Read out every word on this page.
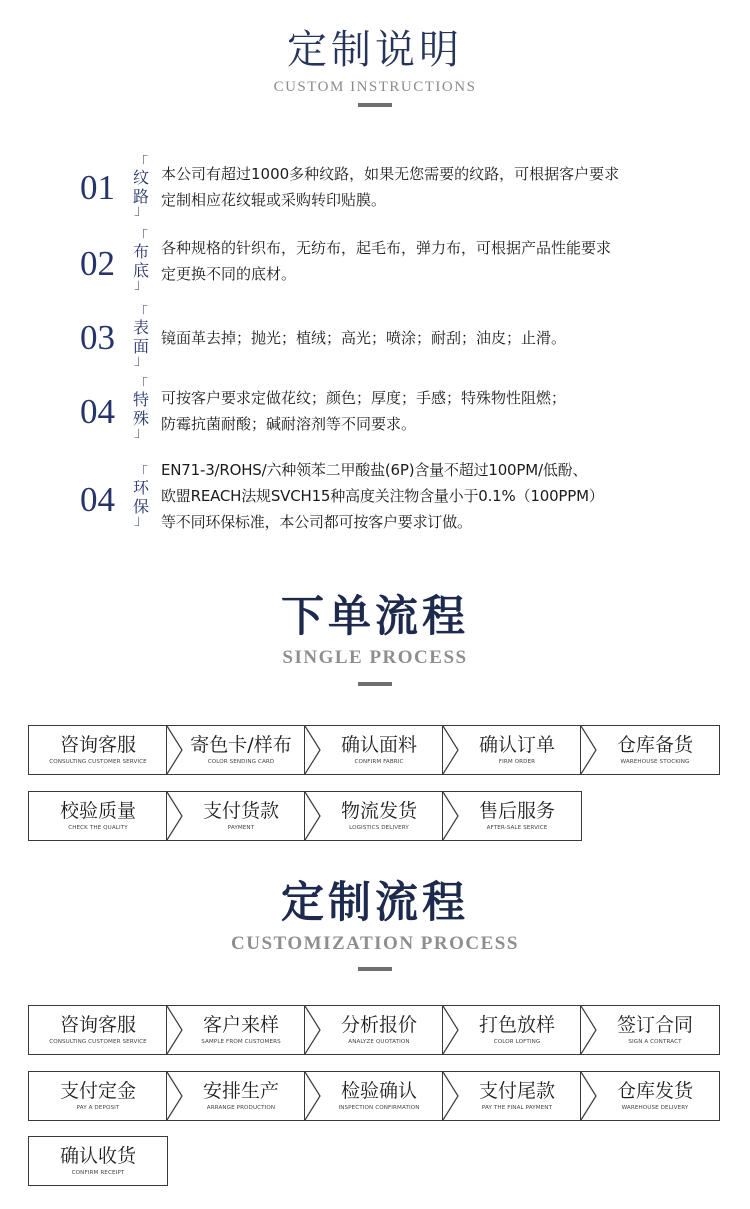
定制说明
CUSTOM INSTRUCTIONS
01
「
纹
路
」
本公司有超过1000多种纹路，如果无您需要的纹路，可根据客户要求
定制相应花纹辊或采购转印贴膜。
02
「
布
底
」
各种规格的针织布，无纺布，起毛布，弹力布，可根据产品性能要求
定更换不同的底材。
03
「
表
面
」
镜面革去掉；抛光；植绒；高光；喷涂；耐刮；油皮；止滑。
04
「
特
殊
」
可按客户要求定做花纹；颜色；厚度；手感；特殊物性阻燃；
防霉抗菌耐酸；碱耐溶剂等不同要求。
04
「
环
保
」
EN71-3/ROHS/六种领苯二甲酸盐(6P)含量不超过100PM/低酚、
欧盟REACH法规SVCH15种高度关注物含量小于0.1%（100PPM）
等不同环保标准，本公司都可按客户要求订做。
下单流程
SINGLE PROCESS
咨询客服
CONSULTING CUSTOMER SERVICE
寄色卡/样布
COLOR SENDING CARD
确认面料
CONFIRM FABRIC
确认订单
FIRM ORDER
仓库备货
WAREHOUSE STOCKING
校验质量
CHECK THE QUALITY
支付货款
PAYMENT
物流发货
LOGISTICS DELIVERY
售后服务
AFTER-SALE SERVICE
定制流程
CUSTOMIZATION PROCESS
咨询客服
CONSULTING CUSTOMER SERVICE
客户来样
SAMPLE FROM CUSTOMERS
分析报价
ANALYZE QUOTATION
打色放样
COLOR LOFTING
签订合同
SIGN A CONTRACT
支付定金
PAY A DEPOSIT
安排生产
ARRANGE PRODUCTION
检验确认
INSPECTION CONFIRMATION
支付尾款
PAY THE FINAL PAYMENT
仓库发货
WAREHOUSE DELIVERY
确认收货
CONFIRM RECEIPT
